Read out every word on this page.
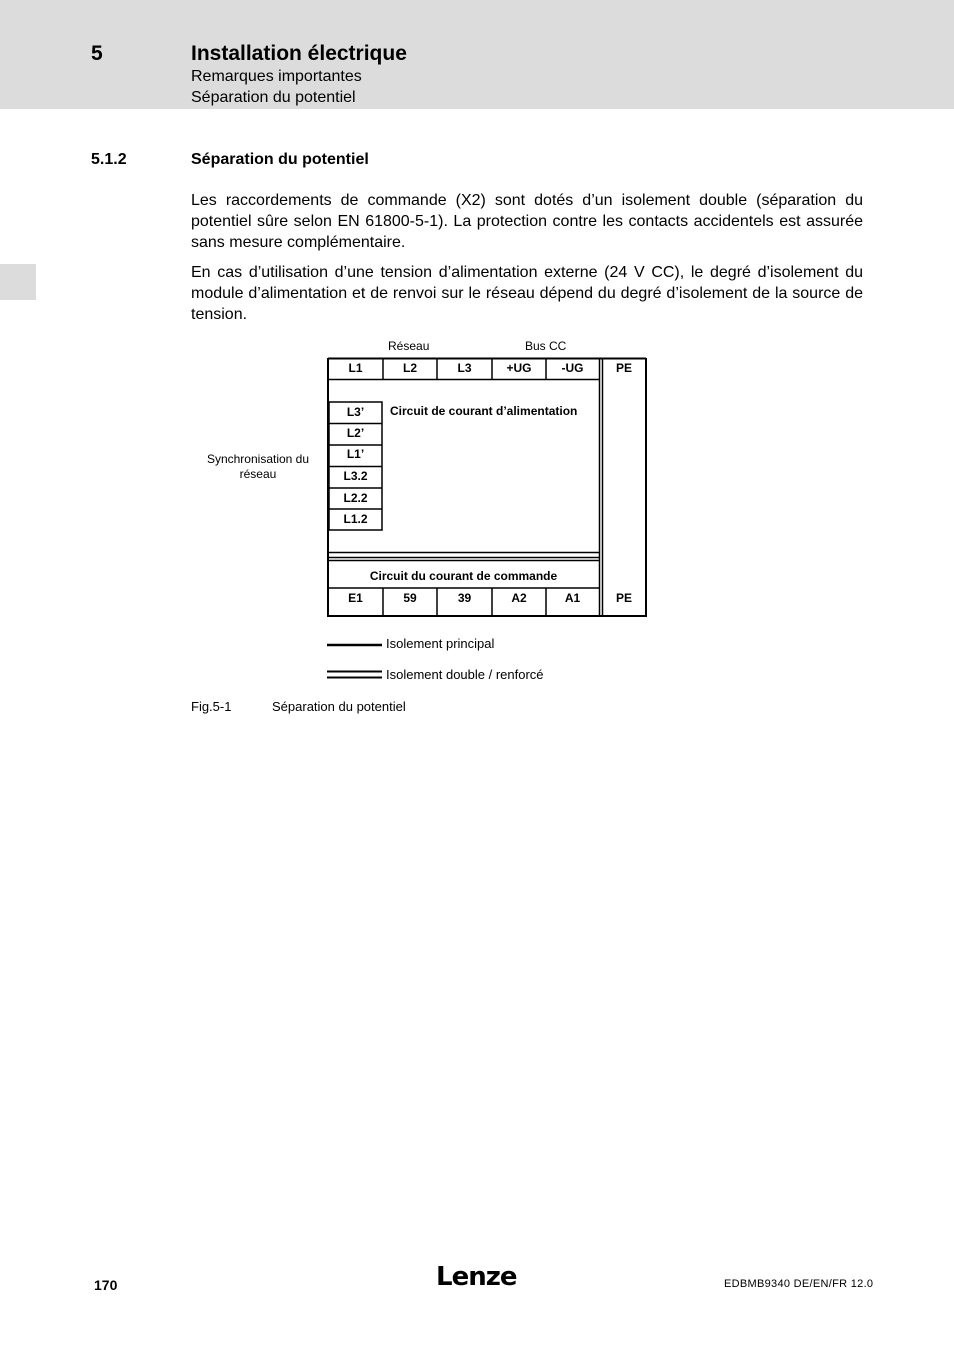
5	Installation électrique
Remarques importantes
Séparation du potentiel
5.1.2	Séparation du potentiel

Les raccordements de commande (X2) sont dotés d’un isolement double (séparation du potentiel sûre selon EN 61800-5-1). La protection contre les contacts accidentels est assurée sans mesure complémentaire.

En cas d’utilisation d’une tension d’alimentation externe (24 V CC), le degré d’isolement du module d’alimentation et de renvoi sur le réseau dépend du degré d’isolement de la source de tension.

Réseau	Bus CC
Synchronisation du réseau
L1	L2	L3	+UG	-UG	PE
L3’
L2’
L1’
L3.2
L2.2
L1.2
Circuit de courant d’alimentation
Circuit du courant de commande
E1	59	39	A2	A1	PE
Isolement principal
Isolement double / renforcé
Fig.5-1	Séparation du potentiel
170	Lenze	EDBMB9340 DE/EN/FR 12.0
